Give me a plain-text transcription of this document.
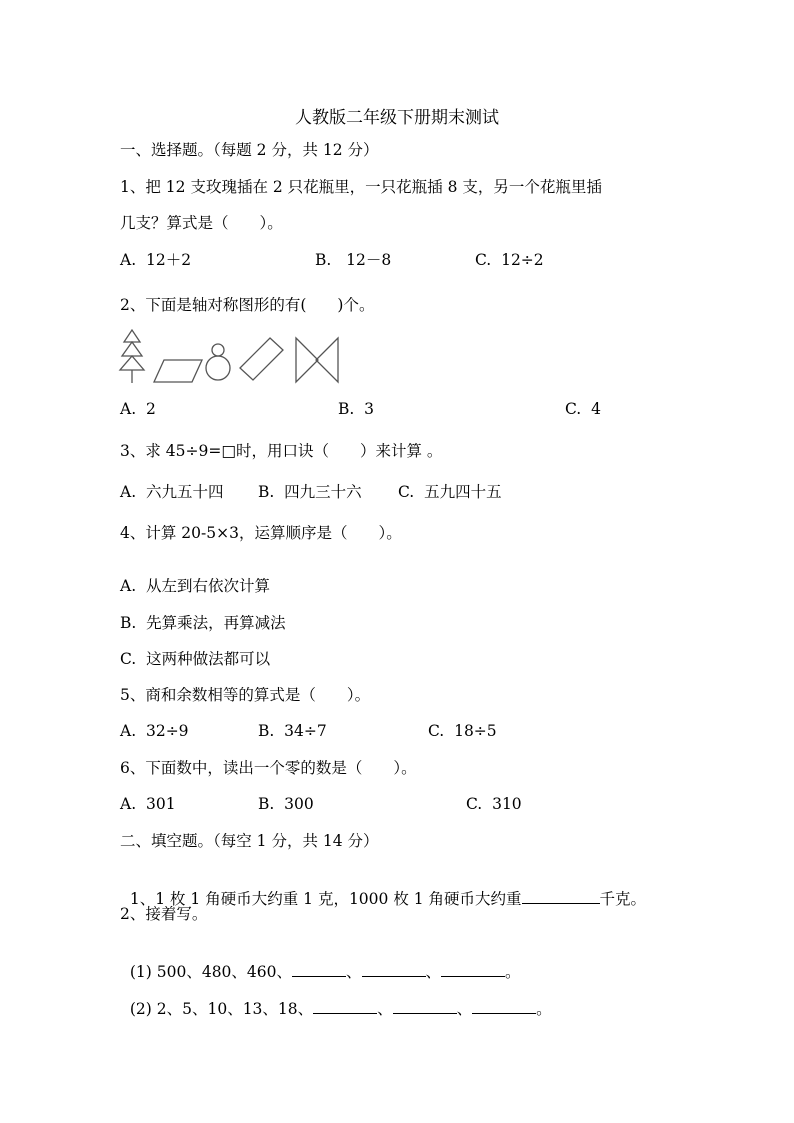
人教版二年级下册期末测试
一、选择题。（每题 2 分，共 12 分）
1、把 12 支玫瑰插在 2 只花瓶里，一只花瓶插 8 支，另一个花瓶里插
几支？算式是（　　）。
A.  12＋2	B.   12－8	C.  12÷2
2、下面是轴对称图形的有(　　)个。
A.  2	B.  3	C.  4
3、求 45÷9=□时，用口诀（　　）来计算 。
A.  六九五十四 B.  四九三十六 C.  五九四十五
4、计算 20-5×3，运算顺序是（　　）。
A.  从左到右依次计算
B.  先算乘法，再算减法
C.  这两种做法都可以
5、商和余数相等的算式是（　　）。
A.  32÷9	B.  34÷7	C.  18÷5
6、下面数中，读出一个零的数是（　　）。
A.  301	B.  300	C.  310
二、填空题。（每空 1 分，共 14 分）

1、1 枚 1 角硬币大约重 1 克，1000 枚 1 角硬币大约重	千克。

2、接着写。

(1) 500、480、460、	、	、	。

(2) 2、5、10、13、18、	、	、	。
